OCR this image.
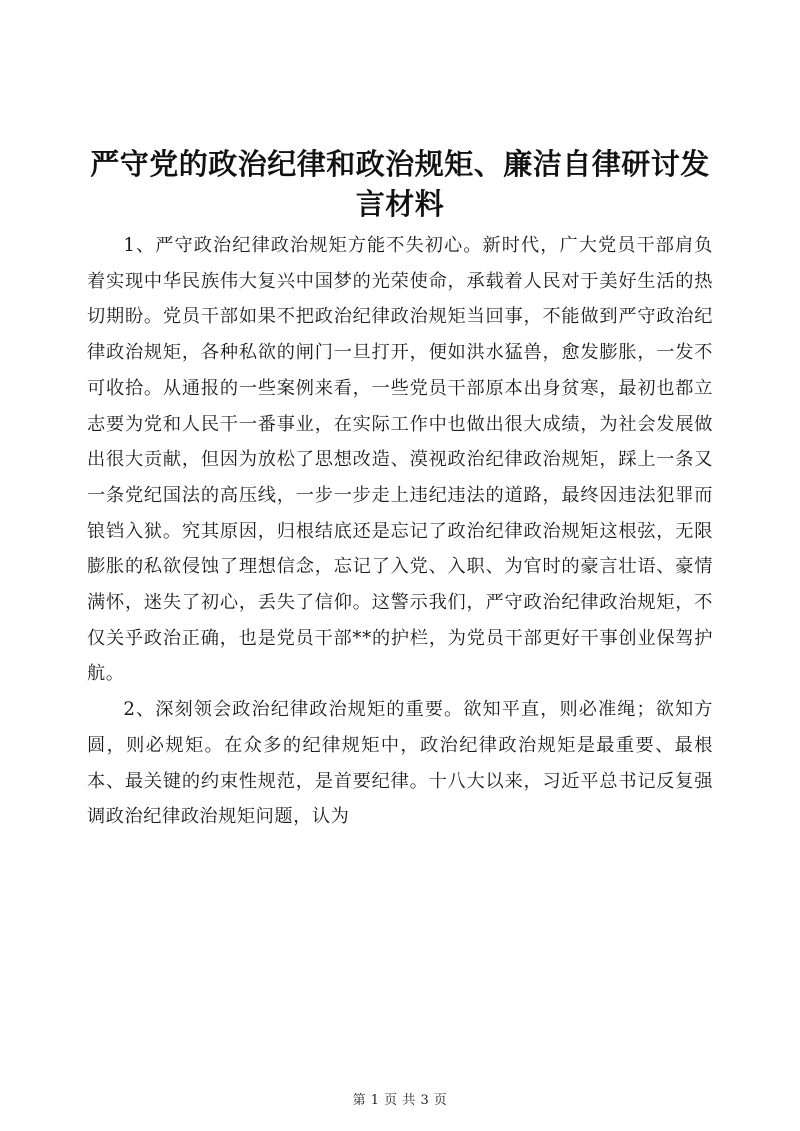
严守党的政治纪律和政治规矩、廉洁自律研讨发言材料

1、严守政治纪律政治规矩方能不失初心。新时代，广大党员干部肩负着实现中华民族伟大复兴中国梦的光荣使命，承载着人民对于美好生活的热切期盼。党员干部如果不把政治纪律政治规矩当回事，不能做到严守政治纪律政治规矩，各种私欲的闸门一旦打开，便如洪水猛兽，愈发膨胀，一发不可收拾。从通报的一些案例来看，一些党员干部原本出身贫寒，最初也都立志要为党和人民干一番事业，在实际工作中也做出很大成绩，为社会发展做出很大贡献，但因为放松了思想改造、漠视政治纪律政治规矩，踩上一条又一条党纪国法的高压线，一步一步走上违纪违法的道路，最终因违法犯罪而锒铛入狱。究其原因，归根结底还是忘记了政治纪律政治规矩这根弦，无限膨胀的私欲侵蚀了理想信念，忘记了入党、入职、为官时的豪言壮语、豪情满怀，迷失了初心，丢失了信仰。这警示我们，严守政治纪律政治规矩，不仅关乎政治正确，也是党员干部**的护栏，为党员干部更好干事创业保驾护航。

2、深刻领会政治纪律政治规矩的重要。欲知平直，则必准绳；欲知方圆，则必规矩。在众多的纪律规矩中，政治纪律政治规矩是最重要、最根本、最关键的约束性规范，是首要纪律。十八大以来，习近平总书记反复强调政治纪律政治规矩问题，认为

第 1 页 共 3 页
